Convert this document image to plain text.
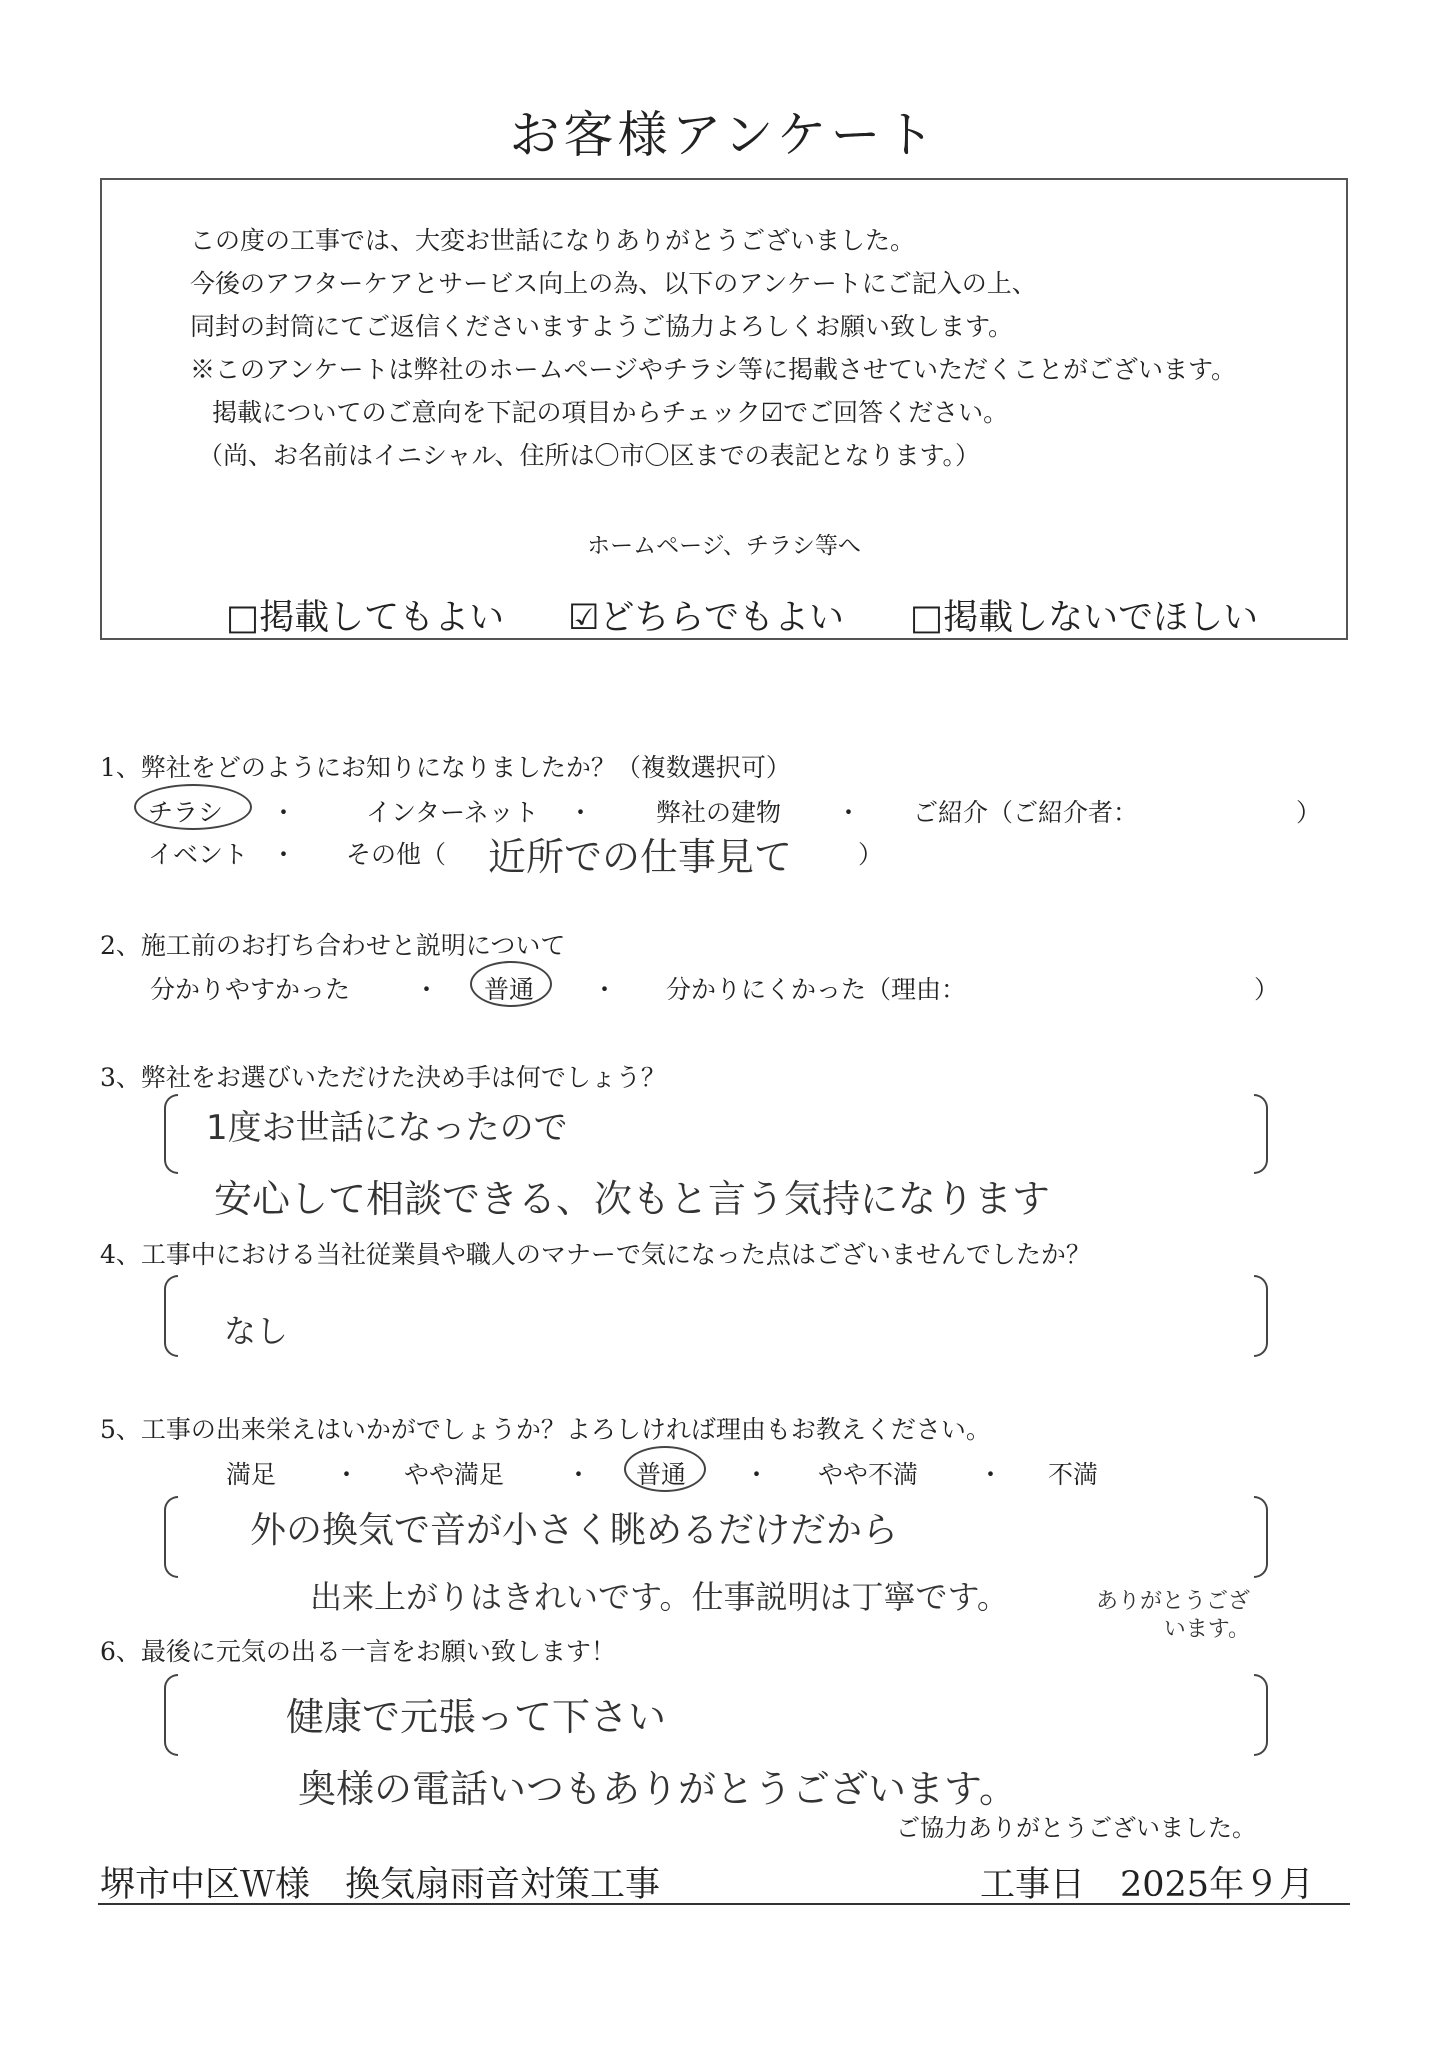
お客様アンケート
この度の工事では、大変お世話になりありがとうございました。
今後のアフターケアとサービス向上の為、以下のアンケートにご記入の上、
同封の封筒にてご返信くださいますようご協力よろしくお願い致します。
※このアンケートは弊社のホームページやチラシ等に掲載させていただくことがございます。
掲載についてのご意向を下記の項目からチェック☑でご回答ください。
（尚、お名前はイニシャル、住所は〇市〇区までの表記となります。）
ホームページ、チラシ等へ
□掲載してもよい ☑どちらでもよい □掲載しないでほしい
1、弊社をどのようにお知りになりましたか？（複数選択可）
チラシ ・	インターネット ・	弊社の建物 ・ ご紹介（ご紹介者：	）
イベント ・ その他（ 近所での仕事見て	）
2、施工前のお打ち合わせと説明について
分かりやすかった	・ 普通 ・ 分かりにくかった（理由：	）
3、弊社をお選びいただけた決め手は何でしょう？
1度お世話になったので
安心して相談できる、次もと言う気持になります
4、工事中における当社従業員や職人のマナーで気になった点はございませんでしたか？
なし
5、工事の出来栄えはいかがでしょうか？よろしければ理由もお教えください。
満足 ・ やや満足 ・ 普通 ・ やや不満 ・ 不満
外の換気で音が小さく眺めるだけだから
出来上がりはきれいです。仕事説明は丁寧です。	ありがとうございます。
6、最後に元気の出る一言をお願い致します！
健康で元張って下さい
奥様の電話いつもありがとうございます。
ご協力ありがとうございました。
堺市中区Ｗ様　換気扇雨音対策工事	工事日　2025年９月
